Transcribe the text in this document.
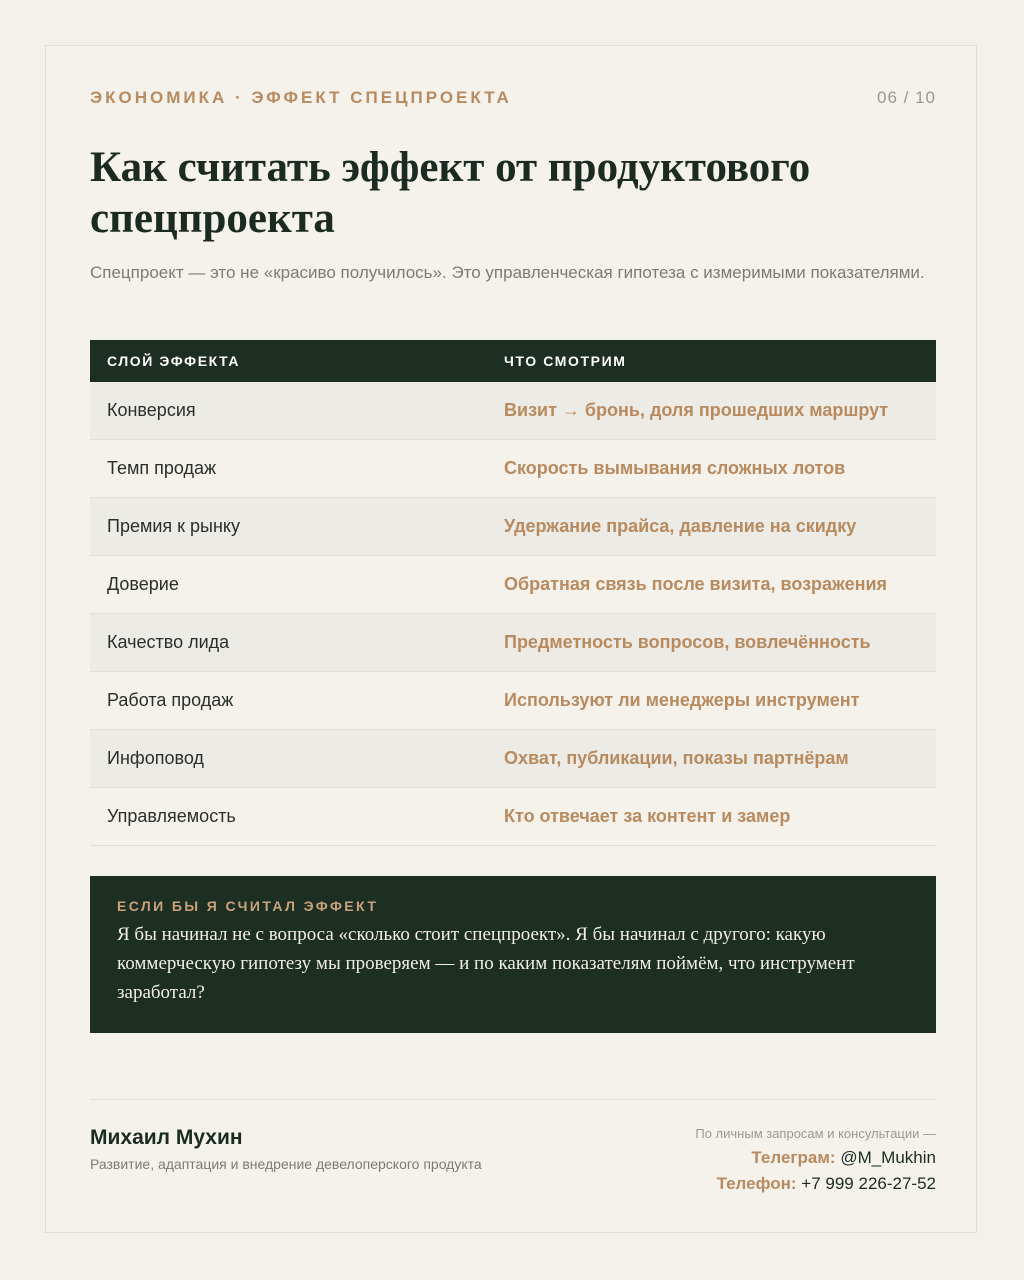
ЭКОНОМИКА · ЭФФЕКТ СПЕЦПРОЕКТА	06 / 10
Как считать эффект от продуктового спецпроекта

Спецпроект — это не «красиво получилось». Это управленческая гипотеза с измеримыми показателями.

СЛОЙ ЭФФЕКТА	ЧТО СМОТРИМ
Конверсия	Визит → бронь, доля прошедших маршрут
Темп продаж	Скорость вымывания сложных лотов
Премия к рынку	Удержание прайса, давление на скидку
Доверие	Обратная связь после визита, возражения
Качество лида	Предметность вопросов, вовлечённость
Работа продаж	Используют ли менеджеры инструмент
Инфоповод	Охват, публикации, показы партнёрам
Управляемость	Кто отвечает за контент и замер
ЕСЛИ БЫ Я СЧИТАЛ ЭФФЕКТ

Я бы начинал не с вопроса «сколько стоит спецпроект». Я бы начинал с другого: какую коммерческую гипотезу мы проверяем — и по каким показателям поймём, что инструмент заработал?

Михаил Мухин
Развитие, адаптация и внедрение девелоперского продукта
По личным запросам и консультации —
Телеграм: @M_Mukhin
Телефон: +7 999 226-27-52
